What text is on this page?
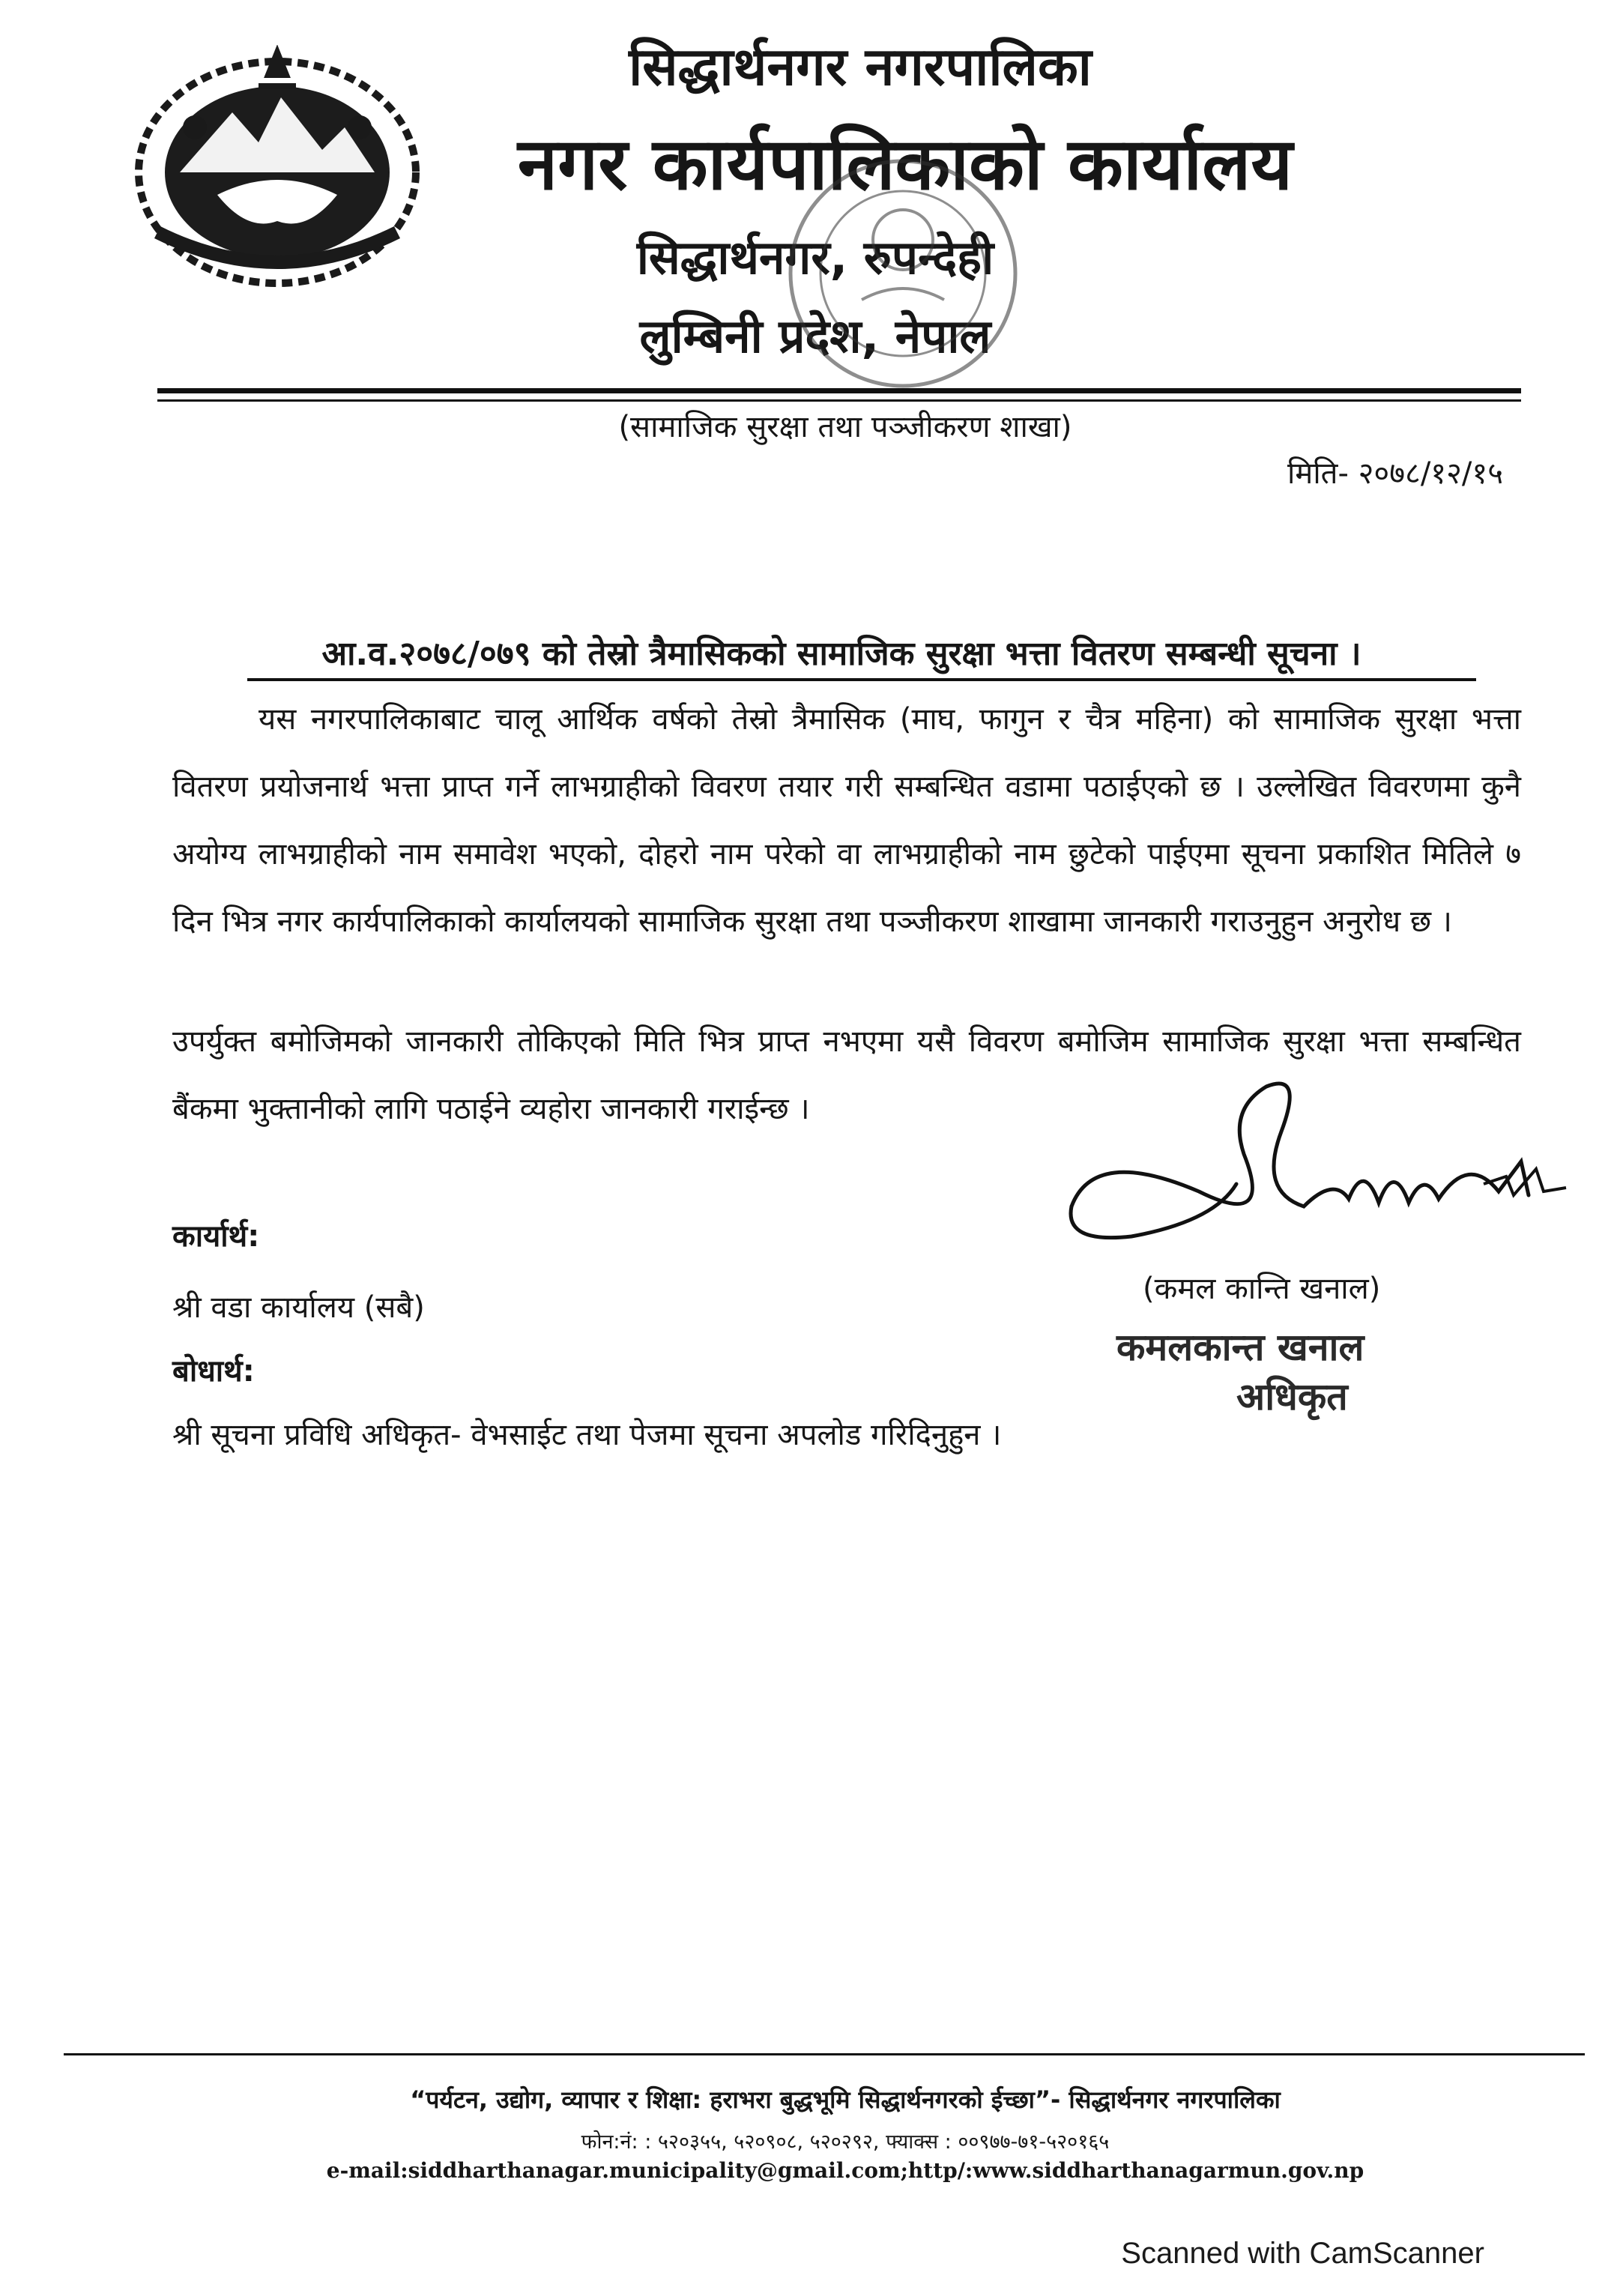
सिद्धार्थनगर नगरपालिका
नगर कार्यपालिकाको कार्यालय
सिद्धार्थनगर, रुपन्देही
लुम्बिनी प्रदेश, नेपाल
(सामाजिक सुरक्षा तथा पञ्जीकरण शाखा)
मिति- २०७८/१२/१५
आ.व.२०७८/०७९ को तेस्रो त्रैमासिकको सामाजिक सुरक्षा भत्ता वितरण सम्बन्धी सूचना ।
यस नगरपालिकाबाट चालू आर्थिक वर्षको तेस्रो त्रैमासिक (माघ, फागुन र चैत्र महिना) को सामाजिक सुरक्षा भत्ता वितरण प्रयोजनार्थ भत्ता प्राप्त गर्ने लाभग्राहीको विवरण तयार गरी सम्बन्धित वडामा पठाईएको छ । उल्लेखित विवरणमा कुनै अयोग्य लाभग्राहीको नाम समावेश भएको, दोहरो नाम परेको वा लाभग्राहीको नाम छुटेको पाईएमा सूचना प्रकाशित मितिले ७ दिन भित्र नगर कार्यपालिकाको कार्यालयको सामाजिक सुरक्षा तथा पञ्जीकरण शाखामा जानकारी गराउनुहुन अनुरोध छ ।
उपर्युक्त बमोजिमको जानकारी तोकिएको मिति भित्र प्राप्त नभएमा यसै विवरण बमोजिम सामाजिक सुरक्षा भत्ता सम्बन्धित बैंकमा भुक्तानीको लागि पठाईने व्यहोरा जानकारी गराईन्छ ।
(कमल कान्ति खनाल)
कमलकान्त खनाल
अधिकृत
कार्यार्थ:
श्री वडा कार्यालय (सबै)
बोधार्थ:
श्री सूचना प्रविधि अधिकृत- वेभसाईट तथा पेजमा सूचना अपलोड गरिदिनुहुन ।
“पर्यटन, उद्योग, व्यापार र शिक्षा: हराभरा बुद्धभूमि सिद्धार्थनगरको ईच्छा”- सिद्धार्थनगर नगरपालिका
फोन:नं: : ५२०३५५, ५२०९०८, ५२०२९२, फ्याक्स : ००९७७-७१-५२०१६५
e-mail:siddharthanagar.municipality@gmail.com;http/:www.siddharthanagarmun.gov.np
Scanned with CamScanner
